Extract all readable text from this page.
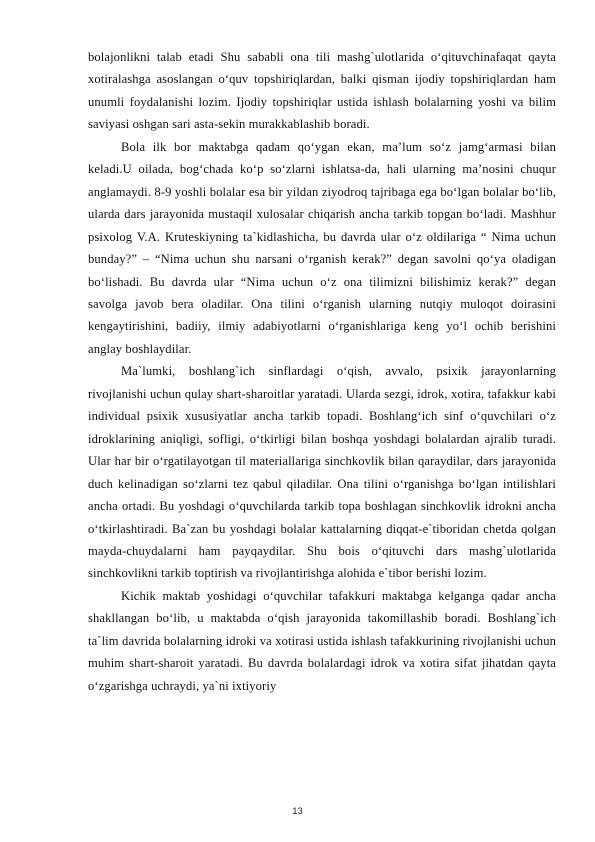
bolajonlikni talab etadi Shu sababli ona tili mashg`ulotlarida o‘qituvchinafaqat qayta xotiralashga asoslangan o‘quv topshiriqlardan, balki qisman ijodiy topshiriqlardan ham unumli foydalanishi lozim. Ijodiy topshiriqlar ustida ishlash bolalarning yoshi va bilim saviyasi oshgan sari asta-sekin murakkablashib boradi.

Bola ilk bor maktabga qadam qo‘ygan ekan, ma’lum so‘z jamg‘armasi bilan keladi.U oilada, bog‘chada ko‘p so‘zlarni ishlatsa-da, hali ularning ma’nosini chuqur anglamaydi. 8-9 yoshli bolalar esa bir yildan ziyodroq tajribaga ega bo‘lgan bolalar bo‘lib, ularda dars jarayonida mustaqil xulosalar chiqarish ancha tarkib topgan bo‘ladi. Mashhur psixolog V.A. Kruteskiyning ta`kidlashicha, bu davrda ular o‘z oldilariga “ Nima uchun bunday?” – “Nima uchun shu narsani o‘rganish kerak?” degan savolni qo‘ya oladigan bo‘lishadi. Bu davrda ular “Nima uchun o‘z ona tilimizni bilishimiz kerak?” degan savolga javob bera oladilar. Ona tilini o‘rganish ularning nutqiy muloqot doirasini kengaytirishini, badiiy, ilmiy adabiyotlarni o‘rganishlariga keng yo‘l ochib berishini anglay boshlaydilar.

Ma`lumki, boshlang`ich sinflardagi o‘qish, avvalo, psixik jarayonlarning rivojlanishi uchun qulay shart-sharoitlar yaratadi. Ularda sezgi, idrok, xotira, tafakkur kabi individual psixik xususiyatlar ancha tarkib topadi. Boshlang‘ich sinf o‘quvchilari o‘z idroklarining aniqligi, sofligi, o‘tkirligi bilan boshqa yoshdagi bolalardan ajralib turadi. Ular har bir o‘rgatilayotgan til materiallariga sinchkovlik bilan qaraydilar, dars jarayonida duch kelinadigan so‘zlarni tez qabul qiladilar. Ona tilini o‘rganishga bo‘lgan intilishlari ancha ortadi. Bu yoshdagi o‘quvchilarda tarkib topa boshlagan sinchkovlik idrokni ancha o‘tkirlashtiradi. Ba`zan bu yoshdagi bolalar kattalarning diqqat-e`tiboridan chetda qolgan mayda-chuydalarni ham payqaydilar. Shu bois o‘qituvchi dars mashg`ulotlarida sinchkovlikni tarkib toptirish va rivojlantirishga alohida e`tibor berishi lozim.

Kichik maktab yoshidagi o‘quvchilar tafakkuri maktabga kelganga qadar ancha shakllangan bo‘lib, u maktabda o‘qish jarayonida takomillashib boradi. Boshlang`ich ta`lim davrida bolalarning idroki va xotirasi ustida ishlash tafakkurining rivojlanishi uchun muhim shart-sharoit yaratadi. Bu davrda bolalardagi idrok va xotira sifat jihatdan qayta o‘zgarishga uchraydi, ya`ni ixtiyoriy

13
